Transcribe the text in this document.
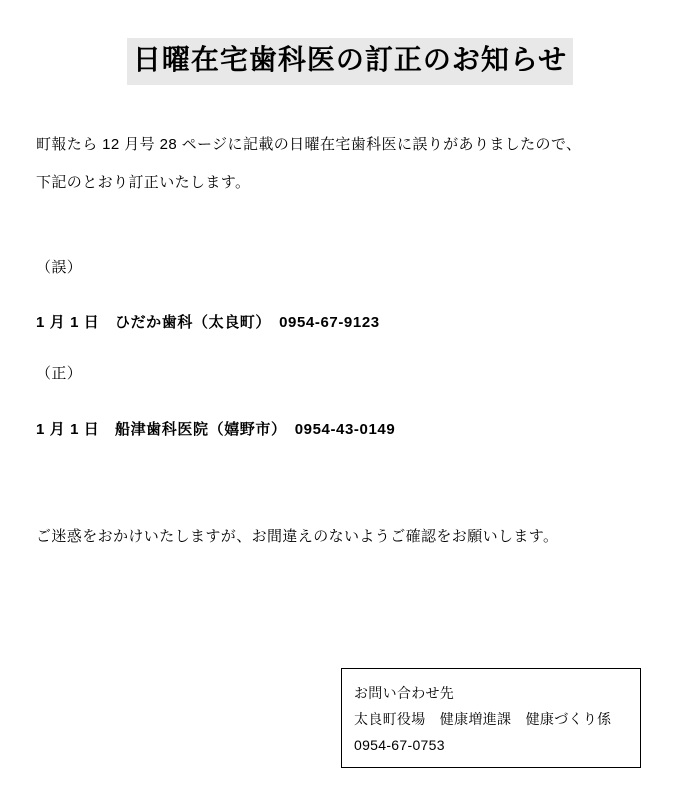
日曜在宅歯科医の訂正のお知らせ

町報たら 12 月号 28 ページに記載の日曜在宅歯科医に誤りがありましたので、

下記のとおり訂正いたします。

（誤）

1 月 1 日　ひだか歯科（太良町）　0954-67-9123

（正）

1 月 1 日　船津歯科医院（嬉野市）　0954-43-0149

ご迷惑をおかけいたしますが、お間違えのないようご確認をお願いします。

お問い合わせ先

太良町役場　健康増進課　健康づくり係

0954-67-0753
